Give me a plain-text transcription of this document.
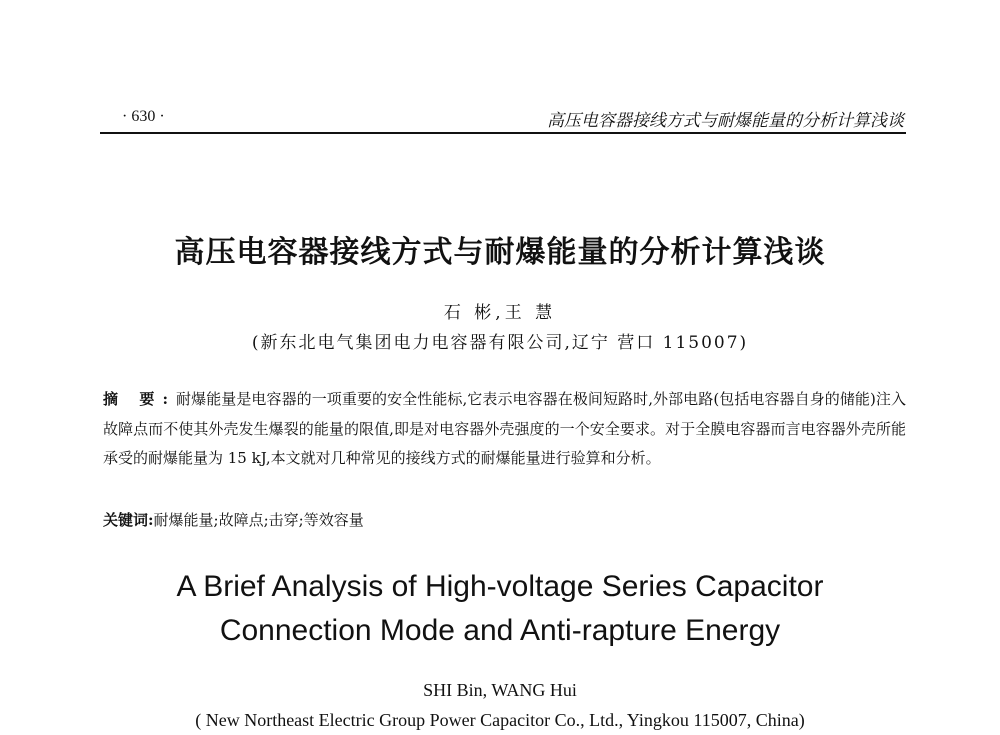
· 630 ·	高压电容器接线方式与耐爆能量的分析计算浅谈
高压电容器接线方式与耐爆能量的分析计算浅谈
石 彬,王 慧
(新东北电气集团电力电容器有限公司,辽宁 营口 115007)
摘 要:耐爆能量是电容器的一项重要的安全性能标,它表示电容器在极间短路时,外部电路(包括电容器自身的储能)注入故障点而不使其外壳发生爆裂的能量的限值,即是对电容器外壳强度的一个安全要求。对于全膜电容器而言电容器外壳所能承受的耐爆能量为 15 kJ,本文就对几种常见的接线方式的耐爆能量进行验算和分析。
关键词:耐爆能量;故障点;击穿;等效容量
A Brief Analysis of High-voltage Series Capacitor
Connection Mode and Anti-rapture Energy
SHI Bin, WANG Hui
( New Northeast Electric Group Power Capacitor Co., Ltd., Yingkou 115007, China)
